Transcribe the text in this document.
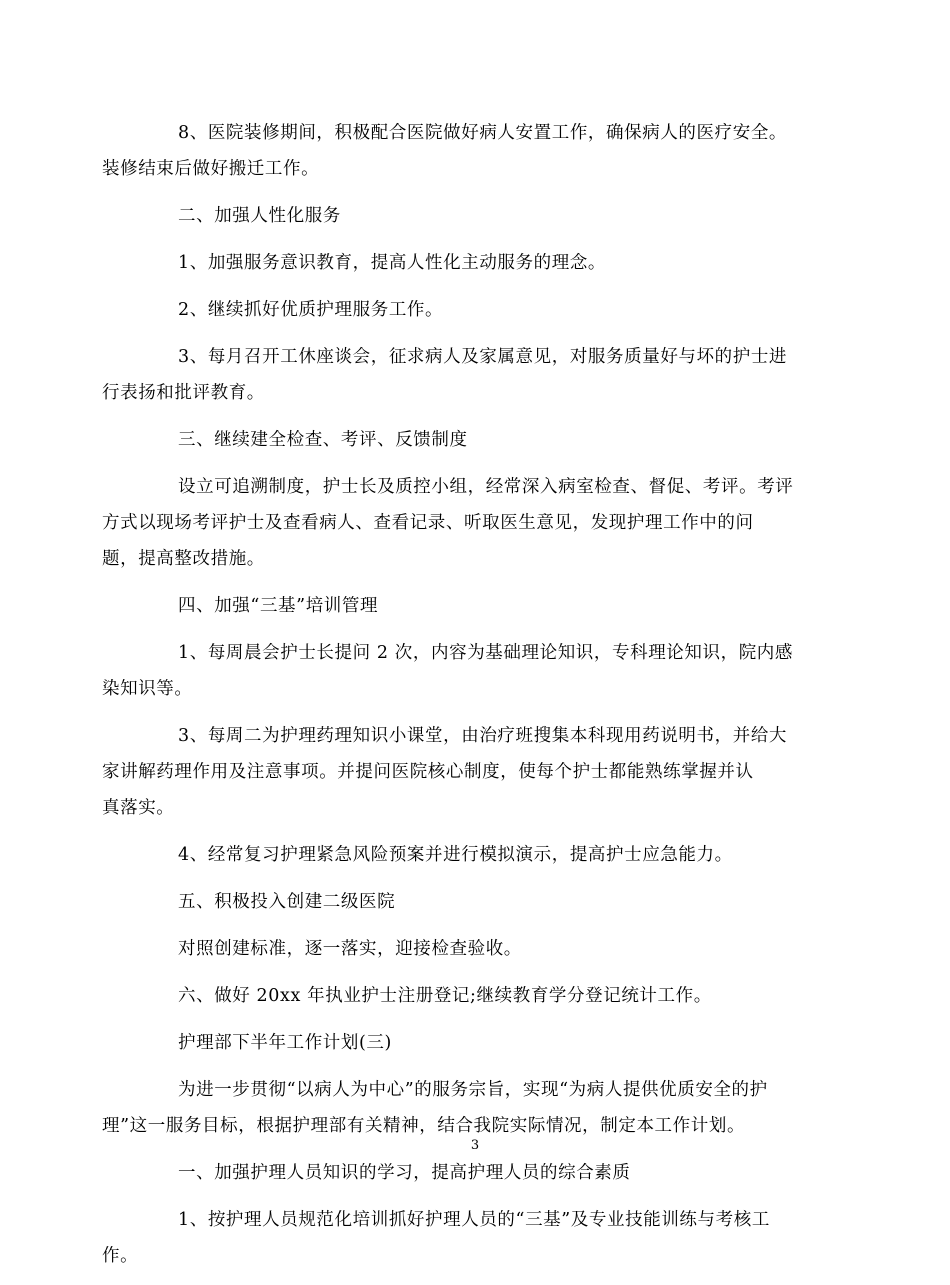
8、医院装修期间，积极配合医院做好病人安置工作，确保病人的医疗安全。
装修结束后做好搬迁工作。

二、加强人性化服务

1、加强服务意识教育，提高人性化主动服务的理念。

2、继续抓好优质护理服务工作。

3、每月召开工休座谈会，征求病人及家属意见，对服务质量好与坏的护士进
行表扬和批评教育。

三、继续建全检查、考评、反馈制度

设立可追溯制度，护士长及质控小组，经常深入病室检查、督促、考评。考评
方式以现场考评护士及查看病人、查看记录、听取医生意见，发现护理工作中的问
题，提高整改措施。

四、加强“三基”培训管理

1、每周晨会护士长提问 2 次，内容为基础理论知识，专科理论知识，院内感
染知识等。

3、每周二为护理药理知识小课堂，由治疗班搜集本科现用药说明书，并给大
家讲解药理作用及注意事项。并提问医院核心制度，使每个护士都能熟练掌握并认
真落实。

4、经常复习护理紧急风险预案并进行模拟演示，提高护士应急能力。

五、积极投入创建二级医院

对照创建标准，逐一落实，迎接检查验收。

六、做好 20xx 年执业护士注册登记;继续教育学分登记统计工作。

护理部下半年工作计划(三)

为进一步贯彻“以病人为中心”的服务宗旨，实现“为病人提供优质安全的护
理”这一服务目标，根据护理部有关精神，结合我院实际情况，制定本工作计划。

一、加强护理人员知识的学习，提高护理人员的综合素质

1、按护理人员规范化培训抓好护理人员的“三基”及专业技能训练与考核工
作。

3
